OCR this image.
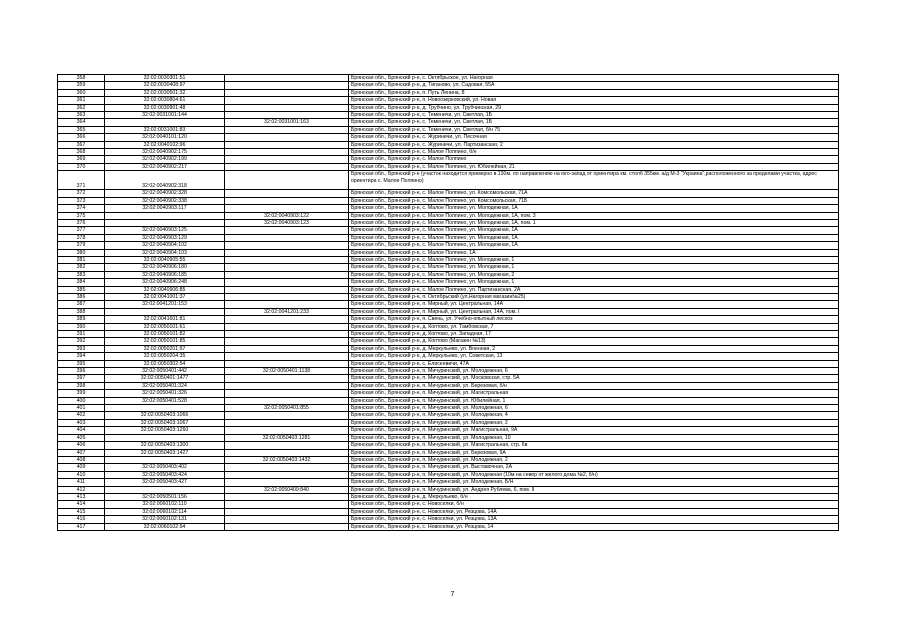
358	32:02:0030301:51		Брянская обл., Брянский р-н, с. Октябрьское, ул. Нагорная
359	32:02:0030408:97		Брянская обл., Брянский р-н, д. Тиганово, ул. Садовая, 55А
360	32:02:0030501:32		Брянская обл., Брянский р-н, п. Путь Ленина, 8
361	32:02:0030804:61		Брянская обл., Брянский р-н, п. Новоозерковский, ул. Новая
362	32:02:0030901:48		Брянская обл., Брянский р-н, д. Трубчино, ул. Трубчинская, 29
363	32:02:0031001:144		Брянская обл., Брянский р-н, с. Теменичи, ул. Светлая, 1Б
364		32:02:0031001:163	Брянская обл., Брянский р-н, с. Теменичи, ул. Светлая, 1Б
365	32:02:0031001:83		Брянская обл., Брянский р-н, с. Теменичи, ул. Светлая, б/н 75
366	32:02:0040101:120		Брянская обл., Брянский р-н, с. Журиничи, ул. Песочная
367	32:02:0040102:96		Брянская обл., Брянский р-н, с. Журиничи, ул. Партизанская, 2
368	32:02:0040902:175		Брянская обл., Брянский р-н, с. Малое Полпино, б/н
369	32:02:0040902:199		Брянская обл., Брянский р-н, с. Малое Полпино
370	32:02:0040902:217		Брянская обл., Брянский р-н, с. Малое Полпино, ул. Юбилейная, 21
371	32:02:0040902:318		Брянская обл., Брянский р-н (участок находится примерно в 130м. по направлению на юго-запад от ориентира км. столб 355км. а/д М-3 "Украина",расположенного за пределами участка, адрес ориентира с. Малое Полпино)
372	32:02:0040902:328		Брянская обл., Брянский р-н, с. Малое Полпино, ул. Комсомольская, 71А
373	32:02:0040902:338		Брянская обл., Брянский р-н, с. Малое Полпино, ул. Комсомольская, 71Б
374	32:02:0040903:117		Брянская обл., Брянский р-н, с. Малое Полпино, ул. Молодежная, 1А
375		32:02:0040903:122	Брянская обл., Брянский р-н, с. Малое Полпино, ул. Молодежная, 1А, пом. 3
376		32:02:0040903:123	Брянская обл., Брянский р-н, с. Малое Полпино, ул. Молодежная, 1А, пом. 1
377	32:02:0040903:125		Брянская обл., Брянский р-н, с. Малое Полпино, ул. Молодежная, 1А
378	32:02:0040903:129		Брянская обл., Брянский р-н, с. Малое Полпино, ул. Молодежная, 1А
379	32:02:0040904:102		Брянская обл., Брянский р-н, с. Малое Полпино, ул. Молодежная, 1А
380	32:02:0040904:103		Брянская обл., Брянский р-н, с. Малое Полпино, 1А
381	32:02:0040905:55		Брянская обл., Брянский р-н, с. Малое Полпино, ул. Молодежная, 1
382	32:02:0040906:180		Брянская обл., Брянский р-н, с. Малое Полпино, ул. Молодежная, 1
383	32:02:0040906:185		Брянская обл., Брянский р-н, с. Малое Полпино, ул. Молодежная, 2
384	32:02:0040906:248		Брянская обл., Брянский р-н, с. Малое Полпино, ул. Молодежная, 1
385	32:02:0040906:85		Брянская обл., Брянский р-н, с. Малое Полпино, ул. Партизанская, 2А
386	32:02:0041001:37		Брянская обл., Брянский р-н, п. Октябрьский (ул.Нагорная магазин№25)
387	32:02:0041201:153		Брянская обл., Брянский р-н, п. Мирный, ул. Центральная, 14А
388		32:02:0041201:233	Брянская обл., Брянский р-н, п. Мирный, ул. Центральная, 14А, пом. I
389	32:02:0041601:81		Брянская обл., Брянский р-н, п. Свень, ул. Учебно-опытный лесхоз
390	32:02:0050101:61		Брянская обл., Брянский р-н, д. Коптово, ул. Тамбовская, 7
391	32:02:0050101:82		Брянская обл., Брянский р-н, д. Коптово, ул. Западная, 17
392	32:02:0050101:85		Брянская обл., Брянский р-н, д. Коптово (Магазин №13)
393	32:02:0050201:97		Брянская обл., Брянский р-н, д. Меркульево, ул. Военная, 2
394	32:02:0050204:35		Брянская обл., Брянский р-н, д. Меркульево, ул. Советская, 13
395	32:02:0050302:54		Брянская обл., Брянский р-н, с. Елисеевичи, 47А
396	32:02:0050401:442	32:02:0050401:1138	Брянская обл., Брянский р-н, п. Мичуринский, ул. Молодежная, 6
397	32:02:0050401:1477		Брянская обл., Брянский р-н, п. Мичуринский, ул. Московская, стр. 5А
398	32:02:0050401:324		Брянская обл., Брянский р-н, п. Мичуринский, ул. Березовая, б/н
399	32:02:0050401:326		Брянская обл., Брянский р-н, п. Мичуринский, ул. Магистральная
400	32:02:0050401:528		Брянская обл., Брянский р-н, п. Мичуринский, ул. Юбилейная, 1
401		32:02:0050401:855	Брянская обл., Брянский р-н, п. Мичуринский, ул. Молодежная, 6
402	32:02:0050403:1066		Брянская обл., Брянский р-н, п. Мичуринский, ул. Молодежная, 4
403	32:02:0050403:1067		Брянская обл., Брянский р-н, п. Мичуринский, ул. Молодежная, 2
404	32:02:0050403:1260		Брянская обл., Брянский р-н, п. Мичуринский, ул. Магистральная, 9А
405		32:02:0050403:1281	Брянская обл., Брянский р-н, п. Мичуринский, ул. Молодежная, 10
406	32:02:0050403:1300		Брянская обл., Брянский р-н, п. Мичуринский, ул. Магистральная, стр. 6в
407	32:02:0050403:1427		Брянская обл., Брянский р-н, п. Мичуринский, ул. Березовая, 9А
408		32:02:0050403:1432	Брянская обл., Брянский р-н, п. Мичуринский, ул. Молодежная, 2
409	32:02:0050403:402		Брянская обл., Брянский р-н, п. Мичуринский, ул. Выставочная, 2А
410	32:02:0050403:424		Брянская обл., Брянский р-н, п. Мичуринский, ул. Молодежная (10м на север от жилого дома №2, б/н)
411	32:02:0050403:427		Брянская обл., Брянский р-н, п. Мичуринский, ул. Молодежная, Б/Н
412		32:02:0050409:840	Брянская обл., Брянский р-н, п. Мичуринский, ул. Андрея Рублева, 6, пом. II
413	32:02:0050501:156		Брянская обл., Брянский р-н, д. Меркульево, б/н
414	32:02:0060102:110		Брянская обл., Брянский р-н, с. Новоселки, б/н
415	32:02:0060102:114		Брянская обл., Брянский р-н, с. Новоселки, ул. Резцова, 14А
416	32:02:0060102:131		Брянская обл., Брянский р-н, с. Новоселки, ул. Резцова, 13А
417	32:02:0060102:94		Брянская обл., Брянский р-н, с. Новоселки, ул. Резцова, 14
7
